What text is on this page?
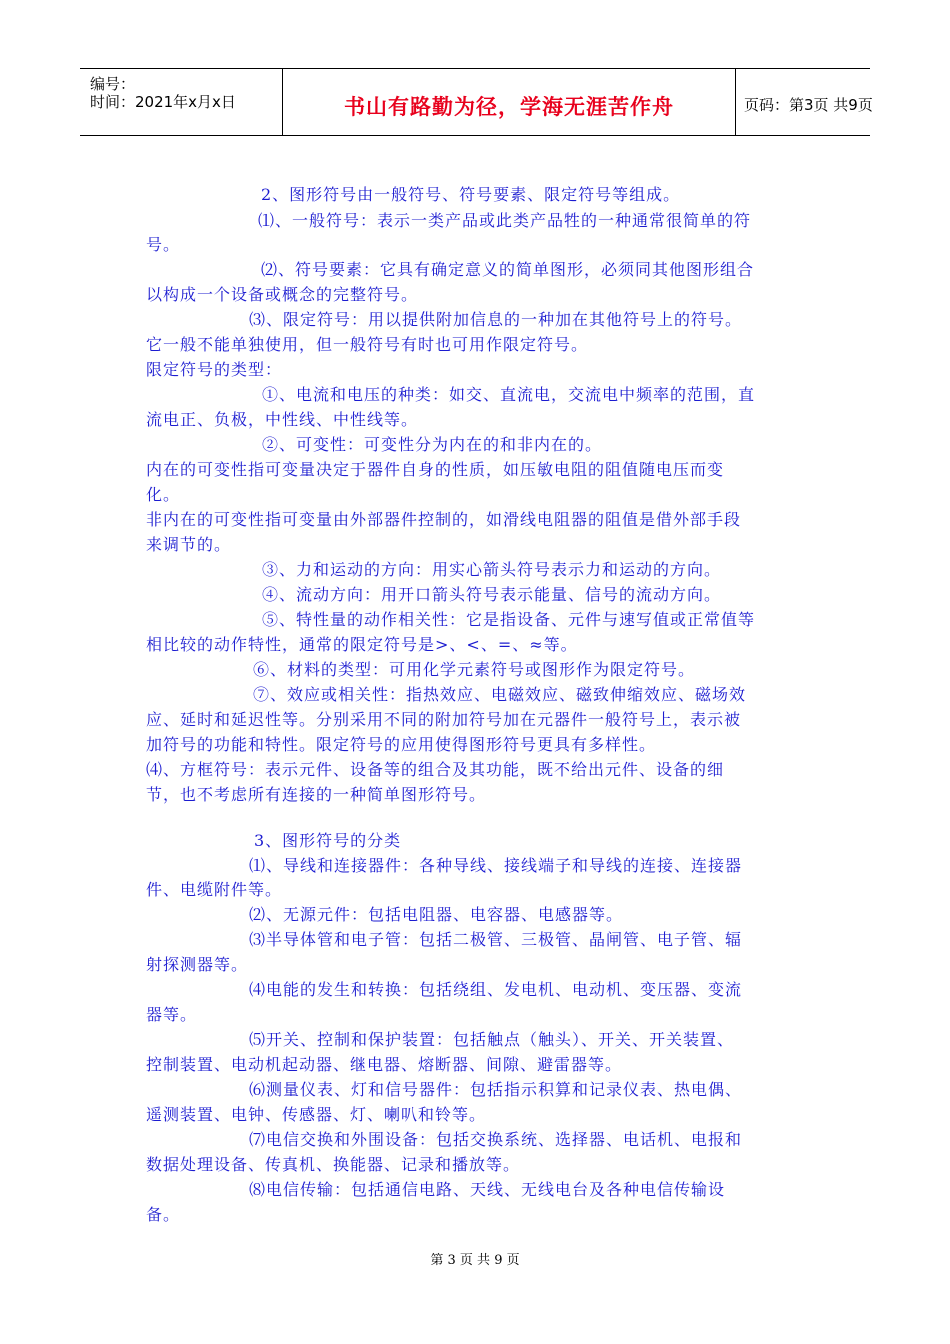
编号：
时间：2021年x月x日	书山有路勤为径，学海无涯苦作舟	页码：第3页 共9页
2、图形符号由一般符号、符号要素、限定符号等组成。
⑴、一般符号：表示一类产品或此类产品牲的一种通常很简单的符
号。
⑵、符号要素：它具有确定意义的简单图形，必须同其他图形组合
以构成一个设备或概念的完整符号。
⑶、限定符号：用以提供附加信息的一种加在其他符号上的符号。
它一般不能单独使用，但一般符号有时也可用作限定符号。
限定符号的类型：
①、电流和电压的种类：如交、直流电，交流电中频率的范围，直
流电正、负极，中性线、中性线等。
②、可变性：可变性分为内在的和非内在的。
内在的可变性指可变量决定于器件自身的性质，如压敏电阻的阻值随电压而变
化。
非内在的可变性指可变量由外部器件控制的，如滑线电阻器的阻值是借外部手段
来调节的。
③、力和运动的方向：用实心箭头符号表示力和运动的方向。
④、流动方向：用开口箭头符号表示能量、信号的流动方向。
⑤、特性量的动作相关性：它是指设备、元件与速写值或正常值等
相比较的动作特性，通常的限定符号是>、<、=、≈等。
⑥、材料的类型：可用化学元素符号或图形作为限定符号。
⑦、效应或相关性：指热效应、电磁效应、磁致伸缩效应、磁场效
应、延时和延迟性等。分别采用不同的附加符号加在元器件一般符号上，表示被
加符号的功能和特性。限定符号的应用使得图形符号更具有多样性。
⑷、方框符号：表示元件、设备等的组合及其功能，既不给出元件、设备的细
节，也不考虑所有连接的一种简单图形符号。
3、图形符号的分类
⑴、导线和连接器件：各种导线、接线端子和导线的连接、连接器
件、电缆附件等。
⑵、无源元件：包括电阻器、电容器、电感器等。
⑶半导体管和电子管：包括二极管、三极管、晶闸管、电子管、辐
射探测器等。
⑷电能的发生和转换：包括绕组、发电机、电动机、变压器、变流
器等。
⑸开关、控制和保护装置：包括触点（触头）、开关、开关装置、
控制装置、电动机起动器、继电器、熔断器、间隙、避雷器等。
⑹测量仪表、灯和信号器件：包括指示积算和记录仪表、热电偶、
遥测装置、电钟、传感器、灯、喇叭和铃等。
⑺电信交换和外围设备：包括交换系统、选择器、电话机、电报和
数据处理设备、传真机、换能器、记录和播放等。
⑻电信传输：包括通信电路、天线、无线电台及各种电信传输设
备。
第 3 页 共 9 页
